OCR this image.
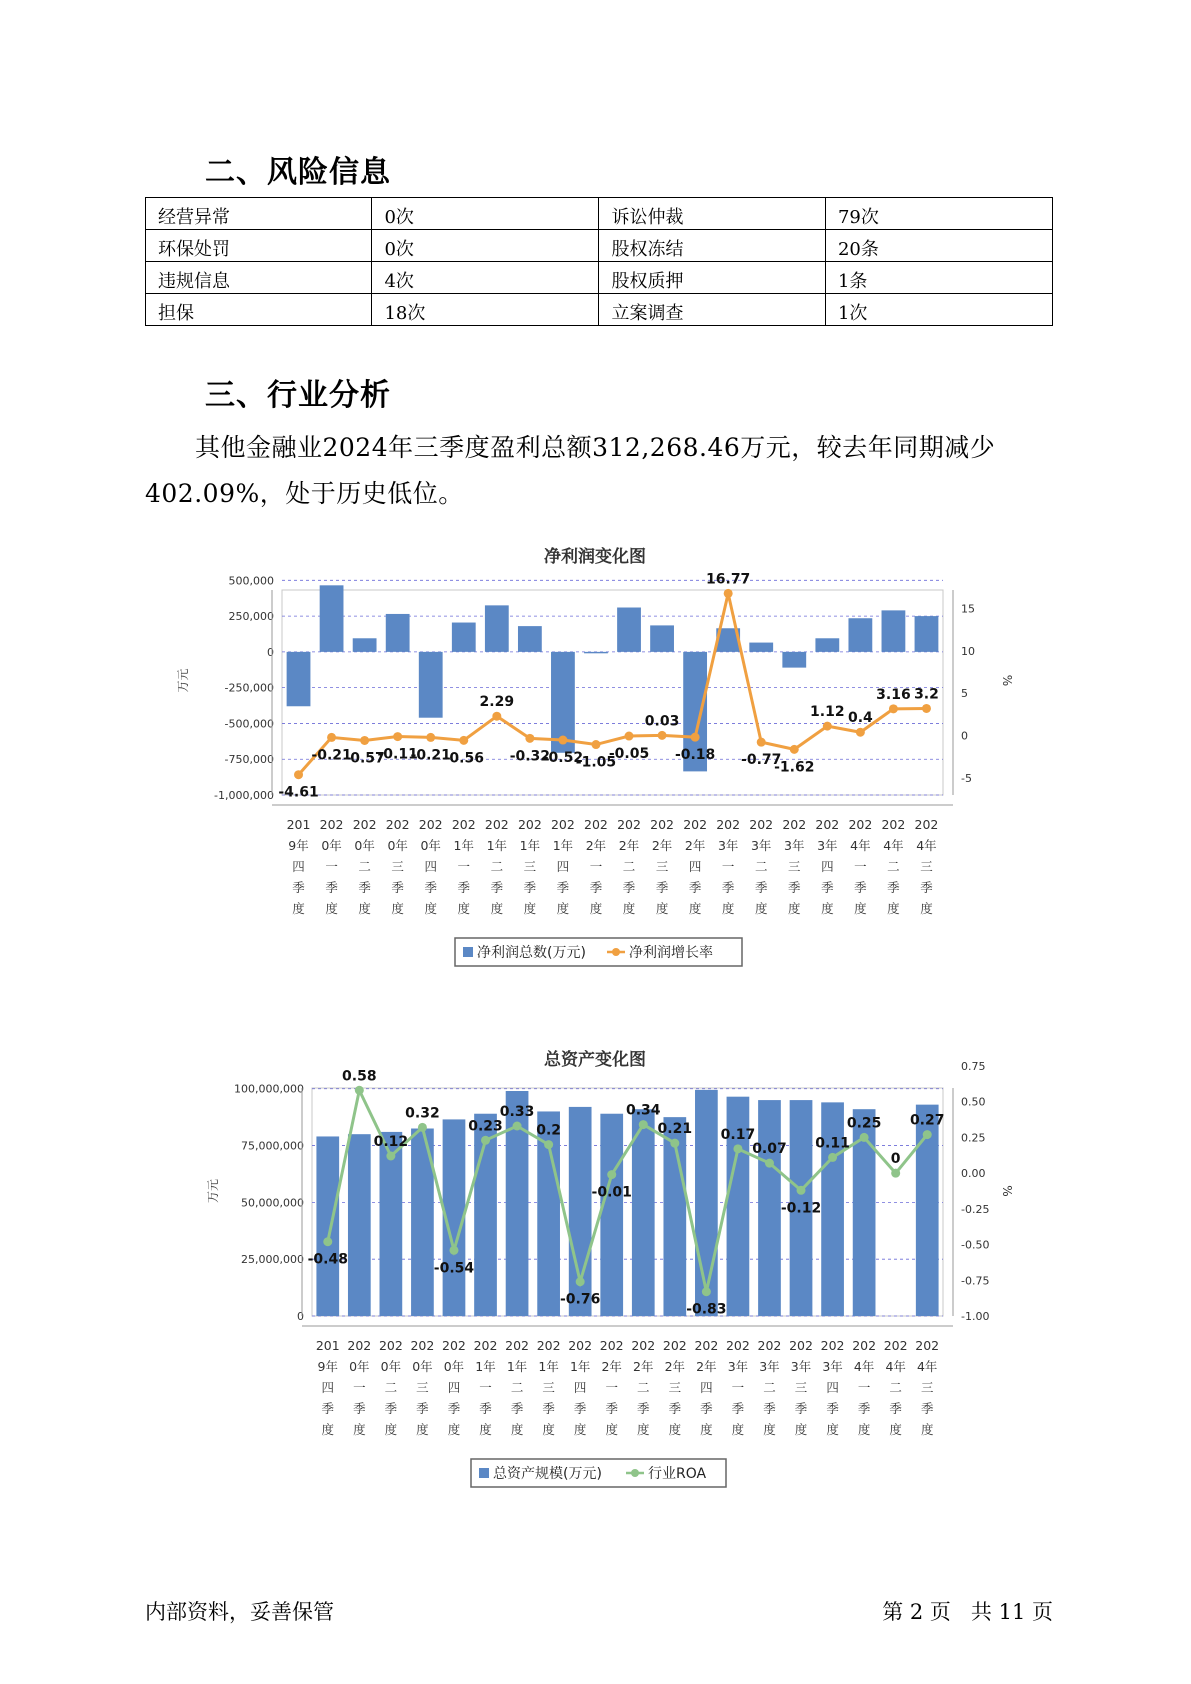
二、风险信息
经营异常	0次	诉讼仲裁	79次
环保处罚	0次	股权冻结	20条
违规信息	4次	股权质押	1条
担保	18次	立案调查	1次
三、行业分析
其他金融业2024年三季度盈利总额312,268.46万元，较去年同期减少402.09%，处于历史低位。
净利润变化图
500,000
250,000
0
-250,000
-500,000
-750,000
-1,000,000
15
10
5
0
-5
万元	%
-4.61
-0.21
-0.57
-0.11
-0.21
-0.56
2.29
-0.32
-0.52
-1.05
-0.05
0.03
-0.18
16.77
-0.77
-1.62
1.12 0.4
3.16 3.2
201
9年
四
季
度
202
0年
一
季
度
202
0年
二
季
度
202
0年
三
季
度
202
0年
四
季
度
202
1年
一
季
度
202
1年
二
季
度
202
1年
三
季
度
202
1年
四
季
度
202
2年
一
季
度
202
2年
二
季
度
202
2年
三
季
度
202
2年
四
季
度
202
3年
一
季
度
202
3年
二
季
度
202
3年
三
季
度
202
3年
四
季
度
202
4年
一
季
度
202
4年
二
季
度
202
4年
三
季
度
净利润总数(万元)	净利润增长率
总资产变化图
100,000,000
75,000,000
50,000,000
25,000,000
0
0.75
0.50
0.25
0.00
-0.25
-0.50
-0.75
-1.00
万元	%
-0.48
0.58
0.12
0.32
-0.54
0.23
0.33
0.2
-0.76
-0.01
0.34
0.21
-0.83
0.17
0.07
-0.12
0.11
0.25
0
0.27
201
9年
四
季
度
202
0年
一
季
度
202
0年
二
季
度
202
0年
三
季
度
202
0年
四
季
度
202
1年
一
季
度
202
1年
二
季
度
202
1年
三
季
度
202
1年
四
季
度
202
2年
一
季
度
202
2年
二
季
度
202
2年
三
季
度
202
2年
四
季
度
202
3年
一
季
度
202
3年
二
季
度
202
3年
三
季
度
202
3年
四
季
度
202
4年
一
季
度
202
4年
二
季
度
202
4年
三
季
度
总资产规模(万元)	行业ROA
内部资料，妥善保管	第 2 页   共 11 页
